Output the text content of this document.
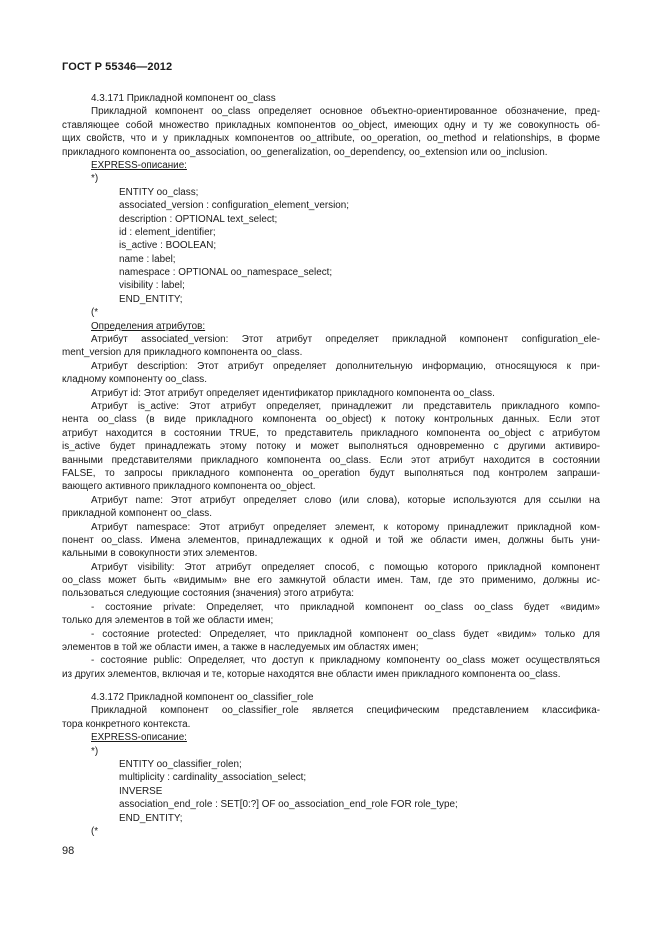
ГОСТ Р 55346—2012
4.3.171 Прикладной компонент oo_class
Прикладной компонент oo_class определяет основное объектно-ориентированное обозначение, пред-
ставляющее собой множество прикладных компонентов oo_object, имеющих одну и ту же совокупность об-
щих свойств, что и у прикладных компонентов oo_attribute, oo_operation, oo_method и relationships, в форме
прикладного компонента oo_association, oo_generalization, oo_dependency, oo_extension или oo_inclusion.
EXPRESS-описание:
*)
ENTITY oo_class;
associated_version : configuration_element_version;
description : OPTIONAL text_select;
id : element_identifier;
is_active : BOOLEAN;
name : label;
namespace : OPTIONAL oo_namespace_select;
visibility : label;
END_ENTITY;
(*
Определения атрибутов:
Атрибут associated_version: Этот атрибут определяет прикладной компонент configuration_ele-
ment_version для прикладного компонента oo_class.
Атрибут description: Этот атрибут определяет дополнительную информацию, относящуюся к при-
кладному компоненту oo_class.
Атрибут id: Этот атрибут определяет идентификатор прикладного компонента oo_class.
Атрибут is_active: Этот атрибут определяет, принадлежит ли представитель прикладного компо-
нента oo_class (в виде прикладного компонента oo_object) к потоку контрольных данных. Если этот
атрибут находится в состоянии TRUE, то представитель прикладного компонента oo_object с атрибутом
is_active будет принадлежать этому потоку и может выполняться одновременно с другими активиро-
ванными представителями прикладного компонента oo_class. Если этот атрибут находится в состоянии
FALSE, то запросы прикладного компонента oo_operation будут выполняться под контролем запраши-
вающего активного прикладного компонента oo_object.
Атрибут name: Этот атрибут определяет слово (или слова), которые используются для ссылки на
прикладной компонент oo_class.
Атрибут namespace: Этот атрибут определяет элемент, к которому принадлежит прикладной ком-
понент oo_class. Имена элементов, принадлежащих к одной и той же области имен, должны быть уни-
кальными в совокупности этих элементов.
Атрибут visibility: Этот атрибут определяет способ, с помощью которого прикладной компонент
oo_class может быть «видимым» вне его замкнутой области имен. Там, где это применимо, должны ис-
пользоваться следующие состояния (значения) этого атрибута:
- состояние private: Определяет, что прикладной компонент oo_class oo_class будет «видим»
только для элементов в той же области имен;
- состояние protected: Определяет, что прикладной компонент oo_class будет «видим» только для
элементов в той же области имен, а также в наследуемых им областях имен;
- состояние public: Определяет, что доступ к прикладному компоненту oo_class может осуществляться
из других элементов, включая и те, которые находятся вне области имен прикладного компонента oo_class.
4.3.172 Прикладной компонент oo_classifier_role
Прикладной компонент oo_classifier_role является специфическим представлением классифика-
тора конкретного контекста.
EXPRESS-описание:
*)
ENTITY oo_classifier_rolen;
multiplicity : cardinality_association_select;
INVERSE
association_end_role : SET[0:?] OF oo_association_end_role FOR role_type;
END_ENTITY;
(*
98
